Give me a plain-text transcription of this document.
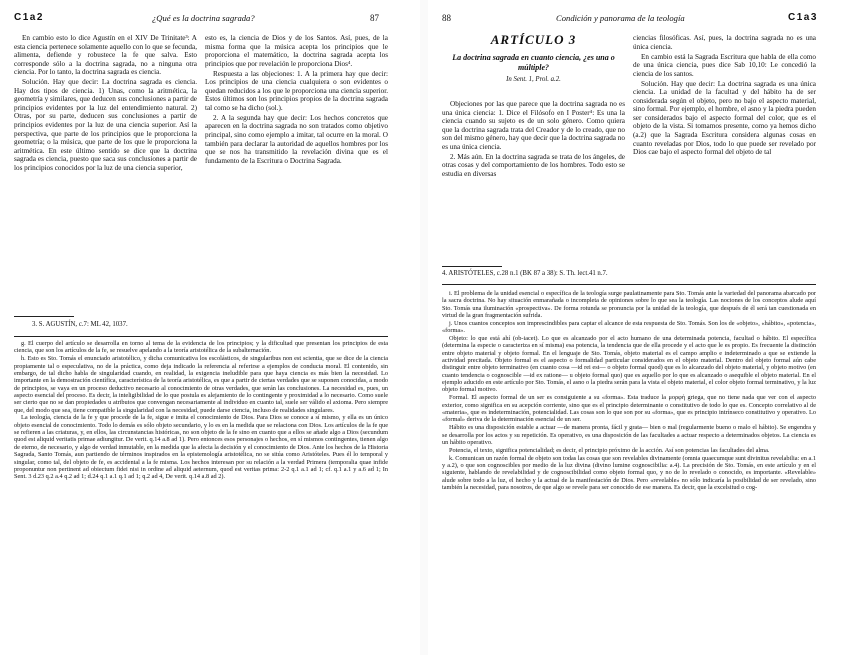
C1a2	¿Qué es la doctrina sagrada?	87

En cambio esto lo dice Agustín en el XIV De Trinitate³: A esta ciencia pertenece solamente aquello con lo que se fecunda, alimenta, defiende y robustece la fe que salva. Esto corresponde sólo a la doctrina sagrada, no a ninguna otra ciencia. Por lo tanto, la doctrina sagrada es ciencia.

Solución. Hay que decir: La doctrina sagrada es ciencia. Hay dos tipos de ciencia. 1) Unas, como la aritmética, la geometría y similares, que deducen sus conclusiones a partir de principios evidentes por la luz del entendimiento natural. 2) Otras, por su parte, deducen sus conclusiones a partir de principios evidentes por la luz de una ciencia superior. Así la perspectiva, que parte de los principios que le proporciona la geometría; o la música, que parte de los que le proporciona la aritmética. En este último sentido se dice que la doctrina sagrada es ciencia, puesto que saca sus conclusiones a partir de los principios conocidos por la luz de una ciencia superior,

esto es, la ciencia de Dios y de los Santos. Así, pues, de la misma forma que la música acepta los principios que le proporciona el matemático, la doctrina sagrada acepta los principios que por revelación le proporciona Dios⁴.

Respuesta a las objeciones: 1. A la primera hay que decir: Los principios de una ciencia cualquiera o son evidentes o quedan reducidos a los que le proporciona una ciencia superior. Estos últimos son los principios propios de la doctrina sagrada tal como se ha dicho (sol.).

2. A la segunda hay que decir: Los hechos concretos que aparecen en la doctrina sagrada no son tratados como objetivo principal, sino como ejemplo a imitar, tal ocurre en la moral. O también para declarar la autoridad de aquellos hombres por los que se nos ha transmitido la revelación divina que es el fundamento de la Escritura o Doctrina Sagrada.

3. S. AGUSTÍN, c.7: ML 42, 1037.

g. El cuerpo del artículo se desarrolla en torno al tema de la evidencia de los principios; y la dificultad que presentan los principios de esta ciencia, que son los artículos de la fe, se resuelve apelando a la teoría aristotélica de la subalternación.

h. Esto es Sto. Tomás el enunciado aristotélico, y dicha comunicativa los escolásticos, de singularibus non est scientia, que se dice de la ciencia propiamente tal o especulativa, no de la práctica, como deja indicado la referencia al referirse a ejemplos de conducta moral. El contenido, sin embargo, de tal dicho habla de singularidad cuando, en realidad, la exigencia ineludible para que haya ciencia es más bien la necesidad. Lo importante en la demostración científica, característica de la teoría aristotélica, es que a partir de ciertas verdades que se suponen conocidas, a modo de principios, se vaya en un proceso deductivo necesario al conocimiento de otras verdades, que serán las conclusiones. La necesidad es, pues, un aspecto esencial del proceso. Es decir, la inteligibilidad de lo que postula es alejamiento de lo contingente y proximidad a lo necesario. Como suele ser cierto que no se dan propiedades u atributos que convengan necesariamente al individuo en cuanto tal, suele ser válido el axioma. Pero siempre que, del modo que sea, tiene compatible la singularidad con la necesidad, puede darse ciencia, incluso de realidades singulares.

La teología, ciencia de la fe y que procede de la fe, sigue e imita el conocimiento de Dios. Para Dios se conoce a sí mismo, y ella es un único objeto esencial de conocimiento. Todo lo demás es sólo objeto secundario, y lo es en la medida que se relaciona con Dios. Los artículos de la fe que se refieren a las criaturas, y, en ellos, las circunstancias históricas, no son objeto de la fe sino en cuanto que a ellos se añade algo a Dios (secundum quod est aliquid veritatis primae adiungitur. De verit. q.14 a.8 ad 1). Pero entonces esos personajes o hechos, en sí mismos contingentes, tienen algo de eterno, de necesario, y algo de verdad inmutable, en la medida que la afecta la decisión y el conocimiento de Dios. Ante los hechos de la Historia Sagrada, Santo Tomás, aun partiendo de términos inspirados en la epistemología aristotélica, no se sitúa como Aristóteles. Pues él lo temporal y singular, como tal, del objeto de fe, es accidental a la fe misma. Los hechos interesan por su relación a la verdad Primera (temporalia quae infide proponuntur non pertinent ad obiectum fidei nisi in ordine ad aliquid aeternum, quod est veritas prima: 2-2 q.1 a.1 ad 1; cf. q.1 a.1 y a.6 ad 1; In Sent. 3 d.23 q.2 a.4 q.2 ad 1; d.24 q.1 a.1 q.1 ad 1; q.2 ad 4, De verit. q.14 a.8 ad 2).

88	Condición y panorama de la teología	C1a3
ARTÍCULO 3
La doctrina sagrada en cuanto ciencia, ¿es una o múltiple?
In Sent. 1, Prol. a.2.

Objeciones por las que parece que la doctrina sagrada no es una única ciencia: 1. Dice el Filósofo en I Poster⁴: Es una la ciencia cuando su sujeto es de un solo género. Como quiera que la doctrina sagrada trata del Creador y de lo creado, que no son del mismo género, hay que decir que la doctrina sagrada no es una única ciencia.

2. Más aún. En la doctrina sagrada se trata de los ángeles, de otras cosas y del comportamiento de los hombres. Todo esto se estudia en diversas

ciencias filosóficas. Así, pues, la doctrina sagrada no es una única ciencia.

En cambio está la Sagrada Escritura que habla de ella como de una única ciencia, pues dice Sab 10,10: Le concedió la ciencia de los santos.

Solución. Hay que decir: La doctrina sagrada es una única ciencia. La unidad de la facultad y del hábito ha de ser considerada según el objeto, pero no bajo el aspecto material, sino formal. Por ejemplo, el hombre, el asno y la piedra pueden ser considerados bajo el aspecto formal del color, que es el objeto de la vista. Si tomamos presente, como ya hemos dicho (a.2) que la Sagrada Escritura considera algunas cosas en cuanto reveladas por Dios, todo lo que puede ser revelado por Dios cae bajo el aspecto formal del objeto de tal

4. ARISTÓTELES, c.28 n.1 (BK 87 a 38): S. Th. lect.41 n.7.

i. El problema de la unidad esencial o específica de la teología surge paulatinamente para Sto. Tomás ante la variedad del panorama abarcado por la sacra doctrina. No hay situación enmarañada o incompleta de opiniones sobre lo que sea la teología. Las nociones de los conceptos alude aquí Sto. Tomás una iluminación «prospectiva». De forma rotunda se pronuncia por la unidad de la teología, que después de él será tan cuestionada en virtud de la gran fragmentación sufrida.

j. Unos cuantos conceptos son imprescindibles para captar el alcance de esta respuesta de Sto. Tomás. Son los de «objeto», «hábito», «potencia», «forma».

Objeto: lo que está ahí (ob-iacet). Lo que es alcanzado por el acto humano de una determinada potencia, facultad o hábito. El específica (determina la especie o caracteriza en sí misma) esa potencia, la tendencia que de ella procede y el acto que le es propio. Es frecuente la distinción entre objeto material y objeto formal. En el lenguaje de Sto. Tomás, objeto material es el campo amplio e indeterminado a que se extiende la actividad precitada. Objeto formal es el aspecto o formalidad particular considerados en el objeto material. Dentro del objeto formal aún cabe distinguir entre objeto terminativo (en cuanto cosa —id rei est— o objeto formal quod) que es lo alcanzado del objeto material, y objeto motivo (en cuanto tendencia o cognoscible —id ex ratione— u objeto formal quo) que es aquello por lo que es alcanzado o asequible el objeto material. En el ejemplo aducido en este artículo por Sto. Tomás, el asno o la piedra serán para la vista el objeto material, el color objeto formal terminativo, y la luz objeto formal motivo.

Formal. El aspecto formal de un ser es consiguiente a su «forma». Esta traduce la μορφή griega, que no tiene nada que ver con el aspecto exterior, como significa en su acepción corriente, sino que es el principio determinante o constitutivo de todo lo que es. Concepto correlativo al de «materia», que es indeterminación, potencialidad. Las cosas son lo que son por su «forma», que es principio intrínseco constitutivo y operativo. Lo «formal» deriva de la determinación esencial de un ser.

Hábito es una disposición estable a actuar —de manera pronta, fácil y grata— bien o mal (regularmente bueno o malo el hábito). Se engendra y se desarrolla por los actos y su repetición. Es operativo, es una disposición de las facultades a actuar respecto a determinados objetos. La ciencia es un hábito operativo.

Potencia, el texto, significa potencialidad; es decir, el principio próximo de la acción. Así son potencias las facultades del alma.

k. Comunican un razón formal de objeto son todas las cosas que son revelables divinamente (omnia quaecumque sunt divinitus revelabilia: en a.1 y a.2), o que son cognoscibles por medio de la luz divina (divino lumine cognoscibilia: a.4). La precisión de Sto. Tomás, en este artículo y en el siguiente, hablando de revelabilidad y de cognoscibilidad como objeto formal quo, y no de lo revelado o conocido, es importante. «Revelable» alude sobre todo a la luz, el hecho y la actual de la manifestación de Dios. Pero «revelable» no sólo indicaría la posibilidad de ser revelado, sino también la necesidad, para nosotros, de que algo se revele para ser conocido de ese manera. Es decir, que la excelsitud o cog-
